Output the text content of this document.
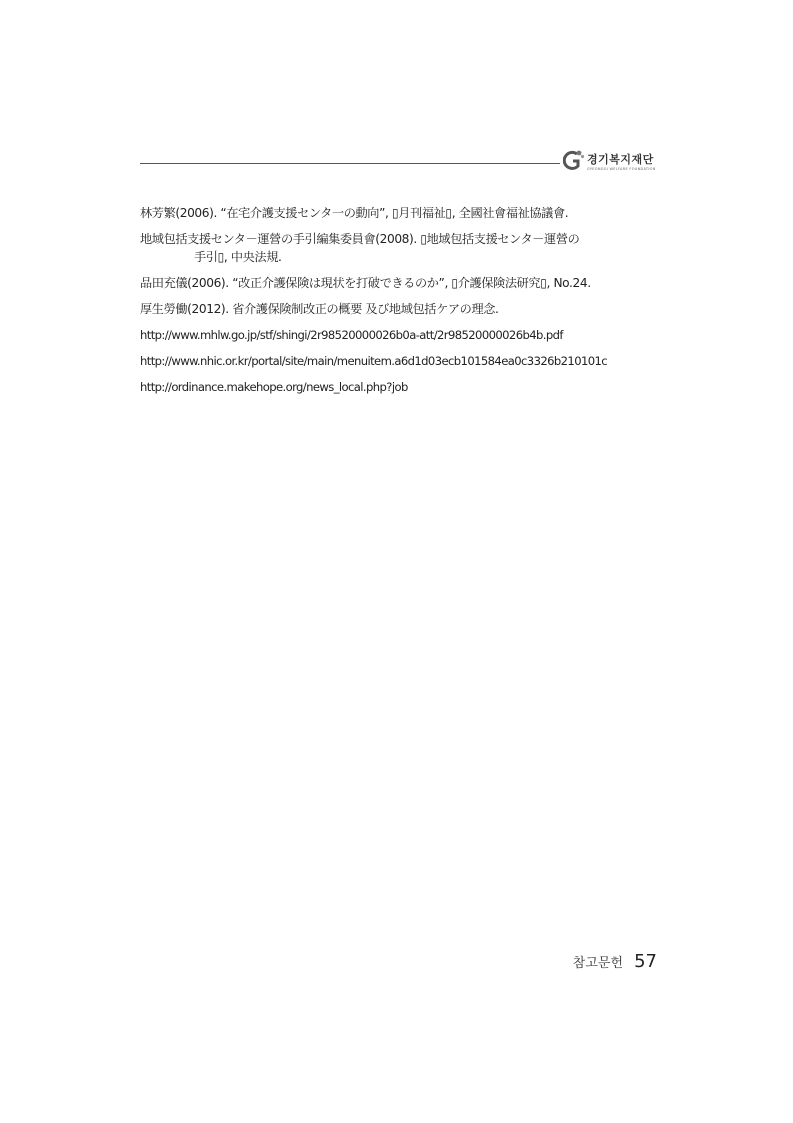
경기복지재단
GYEONGGI WELFARE FOUNDATION
林芳繁(2006). “在宅介護支援センタ一の動向”, ▯月刊福祉▯, 全國社會福祉協議會.
地域包括支援センタ－運營の手引編集委員會(2008). ▯地域包括支援センタ－運營の
手引▯, 中央法規.
品田充儀(2006). “改正介護保険は現状を打破できるのか”, ▯介護保険法研究▯, No.24.
厚生勞働(2012). 省介護保険制改正の概要 及び地域包括ケアの理念.
http://www.mhlw.go.jp/stf/shingi/2r98520000026b0a-att/2r98520000026b4b.pdf
http://www.nhic.or.kr/portal/site/main/menuitem.a6d1d03ecb101584ea0c3326b210101c
http://ordinance.makehope.org/news_local.php?job
참고문헌 57
